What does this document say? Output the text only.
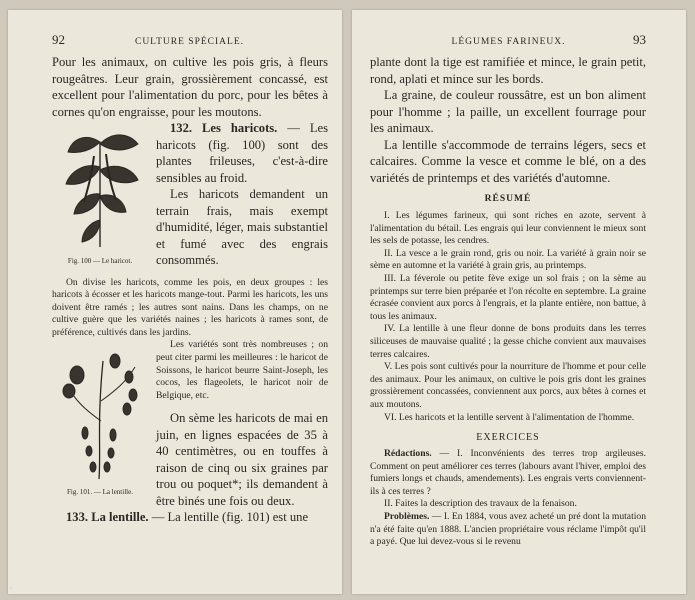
92	CULTURE SPÉCIALE.

Pour les animaux, on cultive les pois gris, à fleurs rougeâtres. Leur grain, grossièrement concassé, est excellent pour l'alimentation du porc, pour les bêtes à cornes qu'on engraisse, pour les moutons.

Fig. 100 — Le haricot.

132. Les haricots. — Les haricots (fig. 100) sont des plantes frileuses, c'est-à-dire sensibles au froid.

Les haricots demandent un terrain frais, mais exempt d'humidité, léger, mais substantiel et fumé avec des engrais consommés.

On divise les haricots, comme les pois, en deux groupes : les haricots à écosser et les haricots mange-tout. Parmi les haricots, les uns doivent être ramés ; les autres sont nains. Dans les champs, on ne cultive guère que les variétés naines ; les haricots à rames sont, de préférence, cultivés dans les jardins.

Fig. 101. — La lentille.

Les variétés sont très nombreuses ; on peut citer parmi les meilleures : le haricot de Soissons, le haricot beurre Saint-Joseph, les cocos, les flageolets, le haricot noir de Belgique, etc.

On sème les haricots de mai en juin, en lignes espacées de 35 à 40 centimètres, ou en touffes à raison de cinq ou six graines par trou ou poquet*; ils demandent à être binés une fois ou deux.

133. La lentille. — La lentille (fig. 101) est une

·
LÉGUMES FARINEUX.	93

plante dont la tige est ramifiée et mince, le grain petit, rond, aplati et mince sur les bords.

La graine, de couleur roussâtre, est un bon aliment pour l'homme ; la paille, un excellent fourrage pour les animaux.

La lentille s'accommode de terrains légers, secs et calcaires. Comme la vesce et comme le blé, on a des variétés de printemps et des variétés d'automne.

RÉSUMÉ

I. Les légumes farineux, qui sont riches en azote, servent à l'alimentation du bétail. Les engrais qui leur conviennent le mieux sont les sels de potasse, les cendres.

II. La vesce a le grain rond, gris ou noir. La variété à grain noir se sème en automne et la variété à grain gris, au printemps.

III. La féverole ou petite fève exige un sol frais ; on la sème au printemps sur terre bien préparée et l'on récolte en septembre. La graine écrasée convient aux porcs à l'engrais, et la plante entière, non battue, à tous les animaux.

IV. La lentille à une fleur donne de bons produits dans les terres siliceuses de mauvaise qualité ; la gesse chiche convient aux mauvaises terres calcaires.

V. Les pois sont cultivés pour la nourriture de l'homme et pour celle des animaux. Pour les animaux, on cultive le pois gris dont les graines grossièrement concassées, conviennent aux porcs, aux bêtes à cornes et aux moutons.

VI. Les haricots et la lentille servent à l'alimentation de l'homme.

EXERCICES

Rédactions. — I. Inconvénients des terres trop argileuses. Comment on peut améliorer ces terres (labours avant l'hiver, emploi des fumiers longs et chauds, amendements). Les engrais verts conviennent-ils à ces terres ?

II. Faites la description des travaux de la fenaison.

Problèmes. — I. En 1884, vous avez acheté un pré dont la mutation n'a été faite qu'en 1888. L'ancien propriétaire vous réclame l'impôt qu'il a payé. Que lui devez-vous si le revenu
